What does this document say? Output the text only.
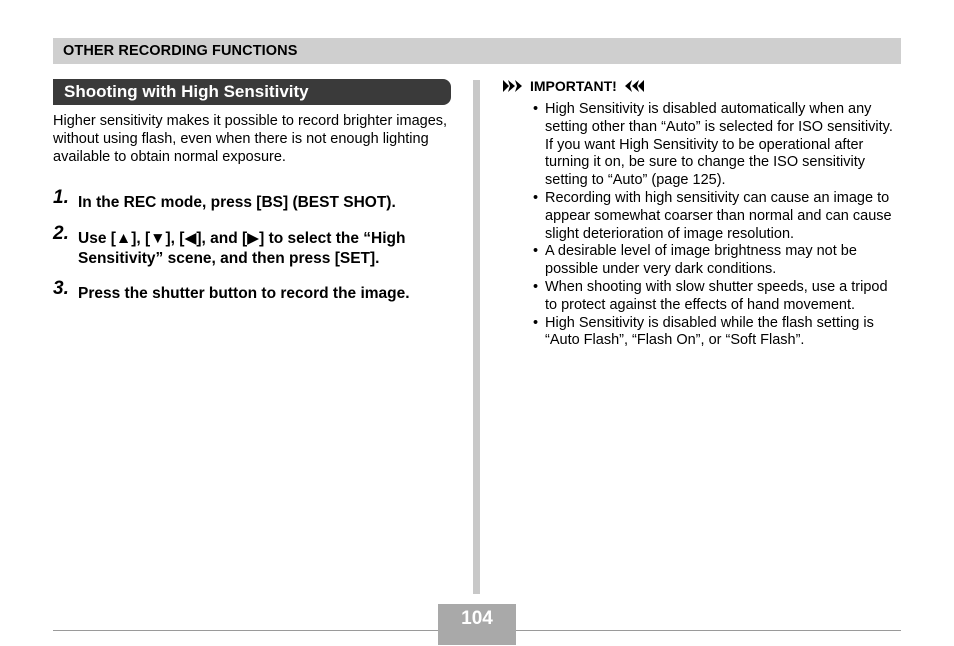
OTHER RECORDING FUNCTIONS
Shooting with High Sensitivity
Higher sensitivity makes it possible to record brighter images, without using flash, even when there is not enough lighting available to obtain normal exposure.
1. In the REC mode, press [BS] (BEST SHOT).
2. Use [▲], [▼], [◀], and [▶] to select the “High Sensitivity” scene, and then press [SET].
3. Press the shutter button to record the image.
IMPORTANT!
• High Sensitivity is disabled automatically when any setting other than “Auto” is selected for ISO sensitivity. If you want High Sensitivity to be operational after turning it on, be sure to change the ISO sensitivity setting to “Auto” (page 125).
• Recording with high sensitivity can cause an image to appear somewhat coarser than normal and can cause slight deterioration of image resolution.
• A desirable level of image brightness may not be possible under very dark conditions.
• When shooting with slow shutter speeds, use a tripod to protect against the effects of hand movement.
• High Sensitivity is disabled while the flash setting is “Auto Flash”, “Flash On”, or “Soft Flash”.
104
